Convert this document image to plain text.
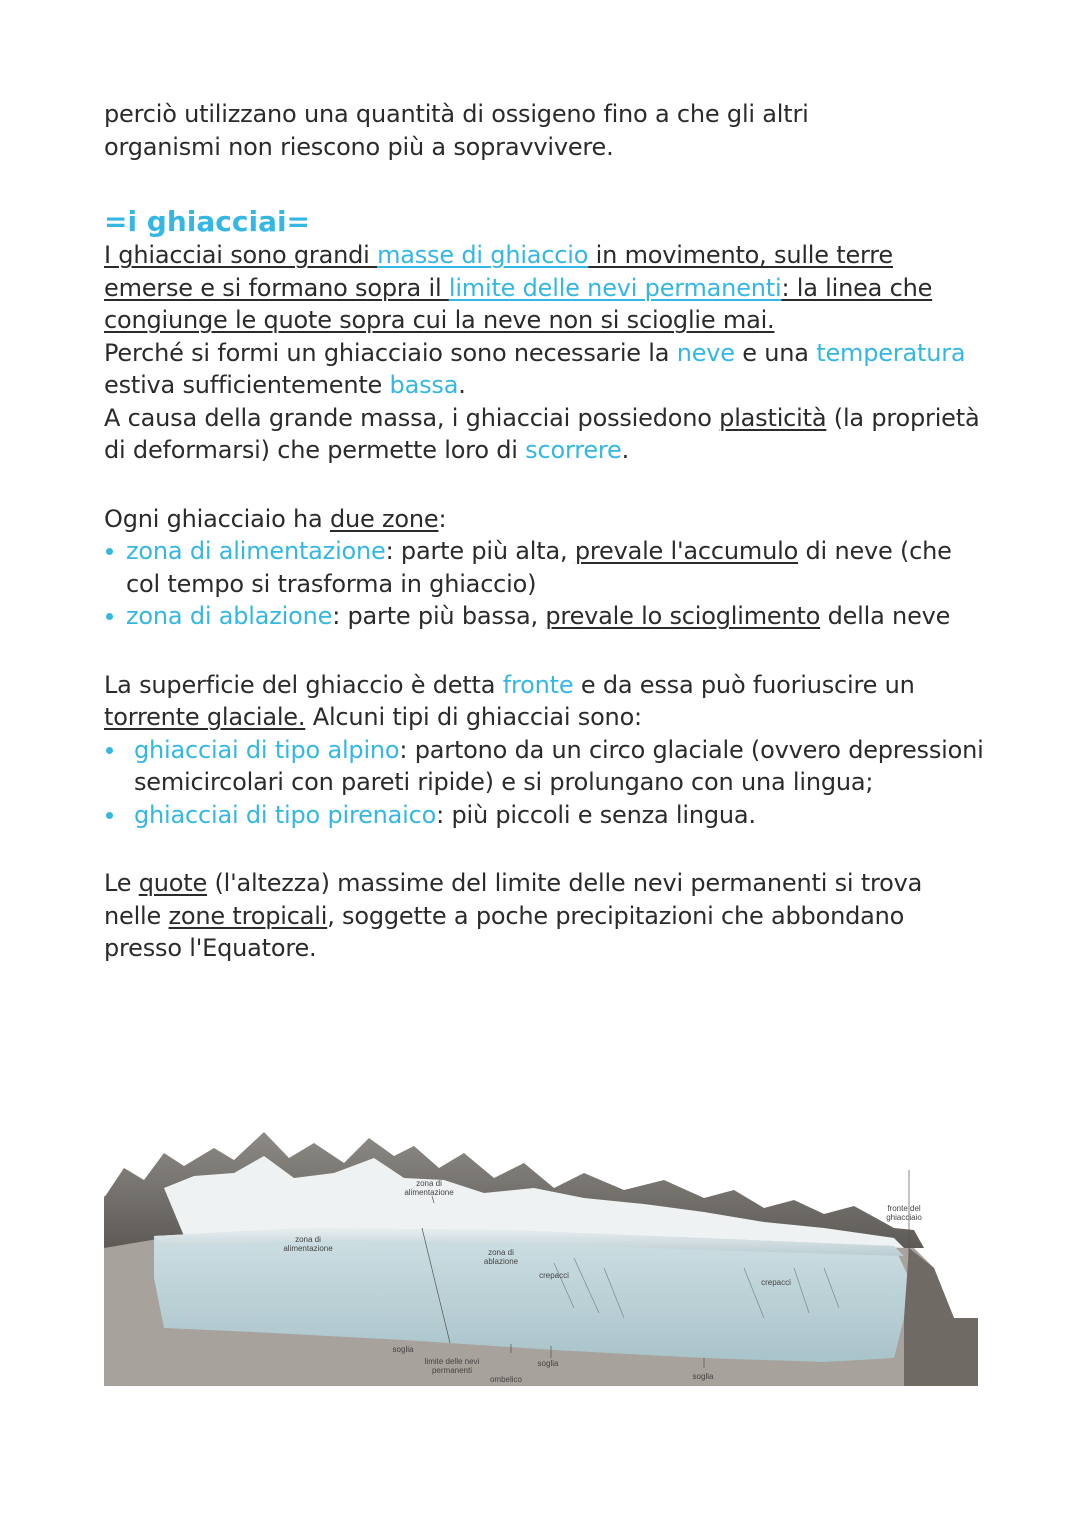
perciò utilizzano una quantità di ossigeno fino a che gli altri
organismi non riescono più a sopravvivere.

=i ghiacciai=

I ghiacciai sono grandi masse di ghiaccio in movimento, sulle terre emerse e si formano sopra il limite delle nevi permanenti: la linea che congiunge le quote sopra cui la neve non si scioglie mai.

Perché si formi un ghiacciaio sono necessarie la neve e una temperatura estiva sufficientemente bassa.

A causa della grande massa, i ghiacciai possiedono plasticità (la proprietà di deformarsi) che permette loro di scorrere.

Ogni ghiacciaio ha due zone:

zona di alimentazione: parte più alta, prevale l'accumulo di neve (che col tempo si trasforma in ghiaccio)
zona di ablazione: parte più bassa, prevale lo scioglimento della neve

La superficie del ghiaccio è detta fronte e da essa può fuoriuscire un torrente glaciale. Alcuni tipi di ghiacciai sono:

ghiacciai di tipo alpino: partono da un circo glaciale (ovvero depressioni semicircolari con pareti ripide) e si prolungano con una lingua;
ghiacciai di tipo pirenaico: più piccoli e senza lingua.

Le quote (l'altezza) massime del limite delle nevi permanenti si trova nelle zone tropicali, soggette a poche precipitazioni che abbondano presso l'Equatore.

zona di
alimentazione
zona di
alimentazione	zona di
ablazione
crepacci
crepacci
fronte del
ghiacciaio
soglia
soglia
soglia
limite delle nevi
permanenti
ombelico
